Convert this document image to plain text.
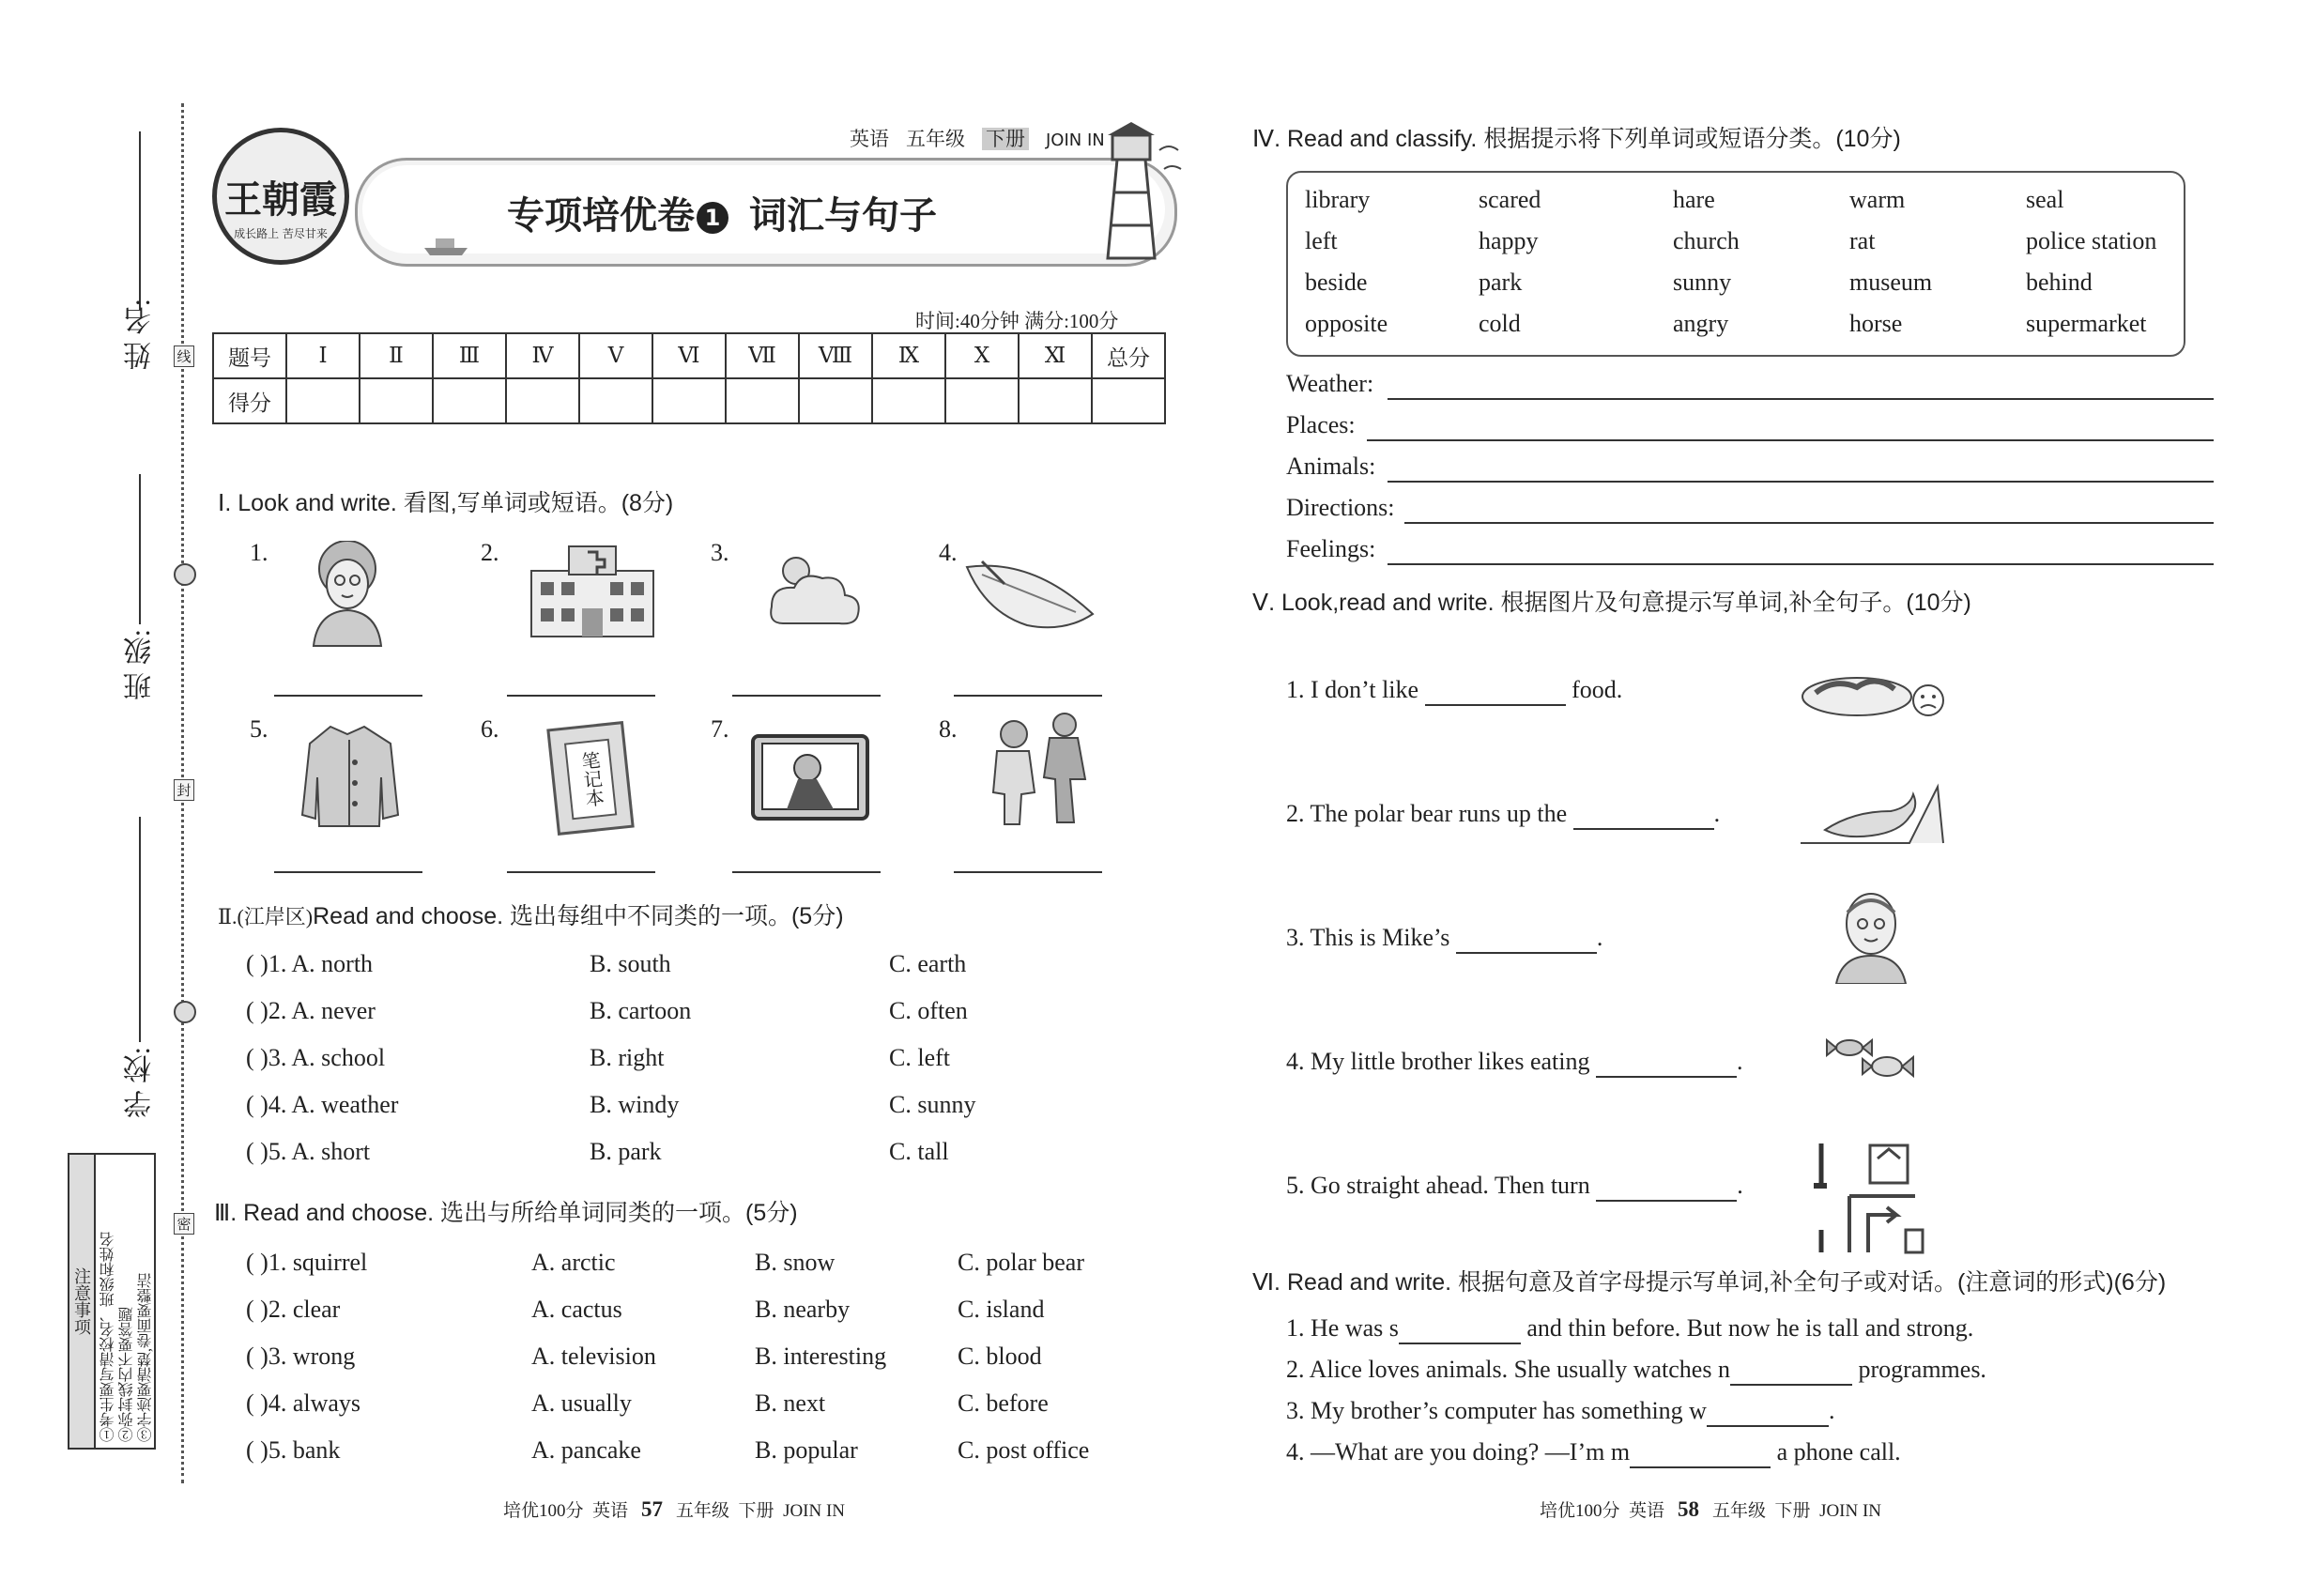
线
封
密
姓 名:
班 级:
学 校:
注意事项 ①考生要写清校名、班级和姓名 ②弥封线内不要答题 ③字迹要清楚,卷面要整洁
王朝霞
成长路上 苦尽甘来
英语 五年级 下册 JOIN IN
专项培优卷 1 词汇与句子
时间:40分钟 满分:100分
题号	Ⅰ	Ⅱ	Ⅲ	Ⅳ	Ⅴ	Ⅵ	Ⅶ	Ⅷ	Ⅸ	Ⅹ	Ⅺ	总分
得分												
Ⅰ. Look and write. 看图,写单词或短语。(8分)
1.	2.	3.	4.
5.	6.	7.	8.
笔记本
Ⅱ.(江岸区)Read and choose. 选出每组中不同类的一项。(5分)
( )1. A. north	B. south	C. earth
( )2. A. never	B. cartoon	C. often
( )3. A. school	B. right	C. left
( )4. A. weather	B. windy	C. sunny
( )5. A. short	B. park	C. tall
Ⅲ. Read and choose. 选出与所给单词同类的一项。(5分)
( )1. squirrel	A. arctic	B. snow	C. polar bear
( )2. clear	A. cactus	B. nearby	C. island
( )3. wrong	A. television	B. interesting	C. blood
( )4. always	A. usually	B. next	C. before
( )5. bank	A. pancake	B. popular	C. post office
培优100分 英语 57 五年级 下册 JOIN IN
Ⅳ. Read and classify. 根据提示将下列单词或短语分类。(10分)
library	scared	hare	warm	seal
left	happy	church	rat	police station
beside	park	sunny	museum	behind
opposite	cold	angry	horse	supermarket
Weather:
Places:
Animals:
Directions:
Feelings:
Ⅴ. Look,read and write. 根据图片及句意提示写单词,补全句子。(10分)
1. I don’t like	food.
2. The polar bear runs up the	.
3. This is Mike’s	.
4. My little brother likes eating	.
5. Go straight ahead. Then turn	.
Ⅵ. Read and write. 根据句意及首字母提示写单词,补全句子或对话。(注意词的形式)(6分)
1. He was s	and thin before. But now he is tall and strong.
2. Alice loves animals. She usually watches n	programmes.
3. My brother’s computer has something w	.
4. —What are you doing? —I’m m	a phone call.
培优100分 英语 58 五年级 下册 JOIN IN
